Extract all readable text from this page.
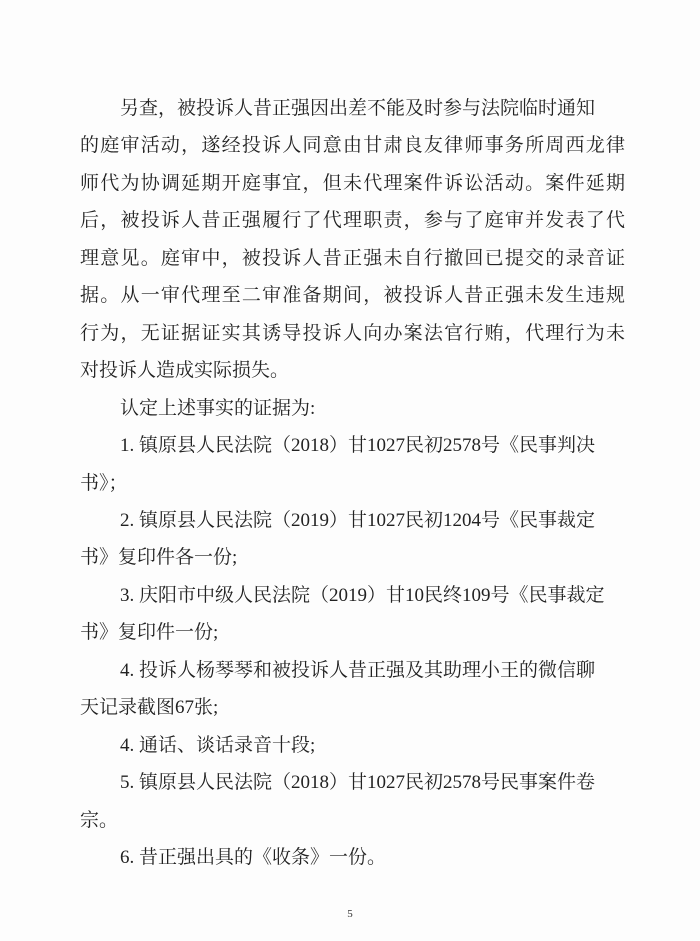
另查，被投诉人昔正强因出差不能及时参与法院临时通知
的庭审活动，遂经投诉人同意由甘肃良友律师事务所周西龙律
师代为协调延期开庭事宜，但未代理案件诉讼活动。案件延期
后，被投诉人昔正强履行了代理职责，参与了庭审并发表了代
理意见。庭审中，被投诉人昔正强未自行撤回已提交的录音证
据。从一审代理至二审准备期间，被投诉人昔正强未发生违规
行为，无证据证实其诱导投诉人向办案法官行贿，代理行为未
对投诉人造成实际损失。
认定上述事实的证据为:
1. 镇原县人民法院（2018）甘1027民初2578号《民事判决
书》；
2. 镇原县人民法院（2019）甘1027民初1204号《民事裁定
书》复印件各一份;
3. 庆阳市中级人民法院（2019）甘10民终109号《民事裁定
书》复印件一份;
4. 投诉人杨琴琴和被投诉人昔正强及其助理小王的微信聊
天记录截图67张;
4. 通话、谈话录音十段;
5. 镇原县人民法院（2018）甘1027民初2578号民事案件卷
宗。
6. 昔正强出具的《收条》一份。
5
